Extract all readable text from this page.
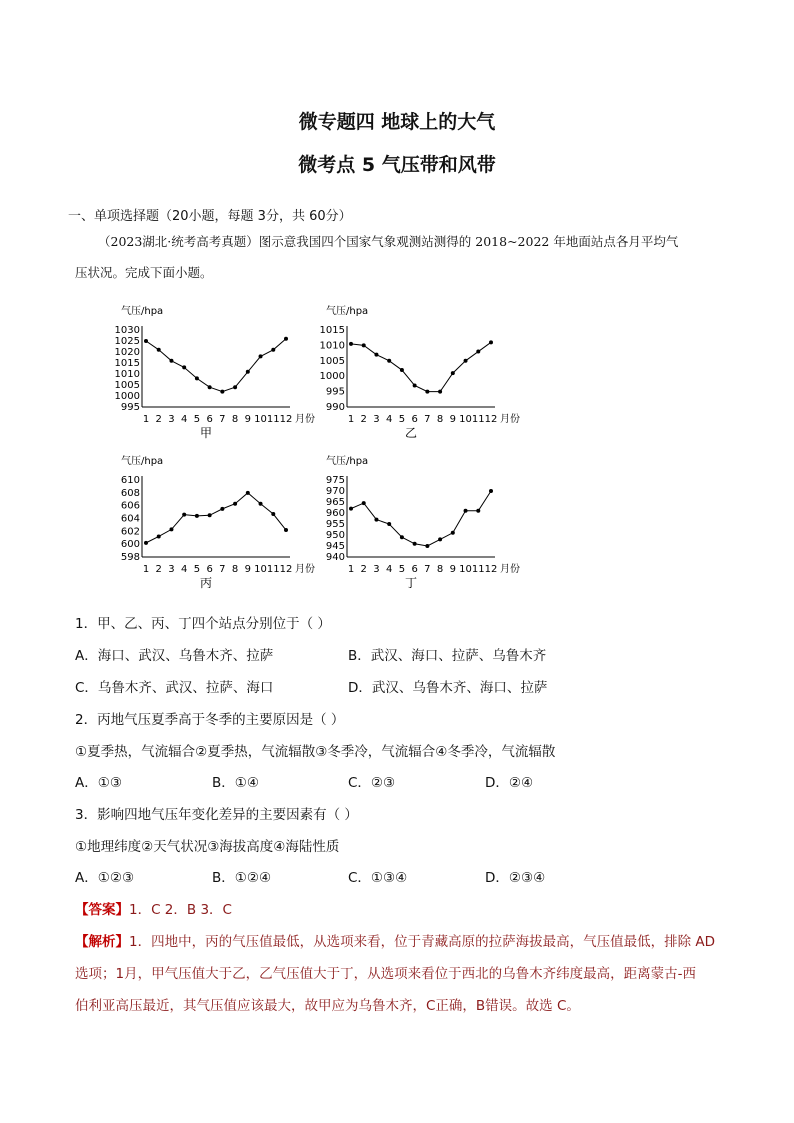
微专题四 地球上的大气
微考点 5 气压带和风带
一、单项选择题（20小题，每题 3分，共 60分）
（2023湖北·统考高考真题）图示意我国四个国家气象观测站测得的 2018~2022 年地面站点各月平均气
压状况。完成下面小题。
气压/hpa
995
1000
1005
1010
1015
1020
1025
1030
1 2 3 4 5 6 7 8 9 10 11 12 月份
甲
气压/hpa
990
995
1000
1005
1010
1015
1 2 3 4 5 6 7 8 9 10 11 12 月份
乙
气压/hpa
598
600
602
604
606
608
610
1 2 3 4 5 6 7 8 9 10 11 12 月份
丙
气压/hpa
940
945
950
955
960
965
970
975
1 2 3 4 5 6 7 8 9 10 11 12 月份
丁
1．甲、乙、丙、丁四个站点分别位于（ ）
A．海口、武汉、乌鲁木齐、拉萨	B．武汉、海口、拉萨、乌鲁木齐
C．乌鲁木齐、武汉、拉萨、海口	D．武汉、乌鲁木齐、海口、拉萨
2．丙地气压夏季高于冬季的主要原因是（ ）
①夏季热，气流辐合②夏季热，气流辐散③冬季冷，气流辐合④冬季冷，气流辐散
A．①③	B．①④	C．②③	D．②④
3．影响四地气压年变化差异的主要因素有（ ）
①地理纬度②天气状况③海拔高度④海陆性质
A．①②③	B．①②④	C．①③④	D．②③④
【答案】1．C 2．B 3．C
【解析】1．四地中，丙的气压值最低，从选项来看，位于青藏高原的拉萨海拔最高，气压值最低，排除 AD
选项；1月，甲气压值大于乙，乙气压值大于丁，从选项来看位于西北的乌鲁木齐纬度最高，距离蒙古-西
伯利亚高压最近，其气压值应该最大，故甲应为乌鲁木齐，C正确，B错误。故选 C。
